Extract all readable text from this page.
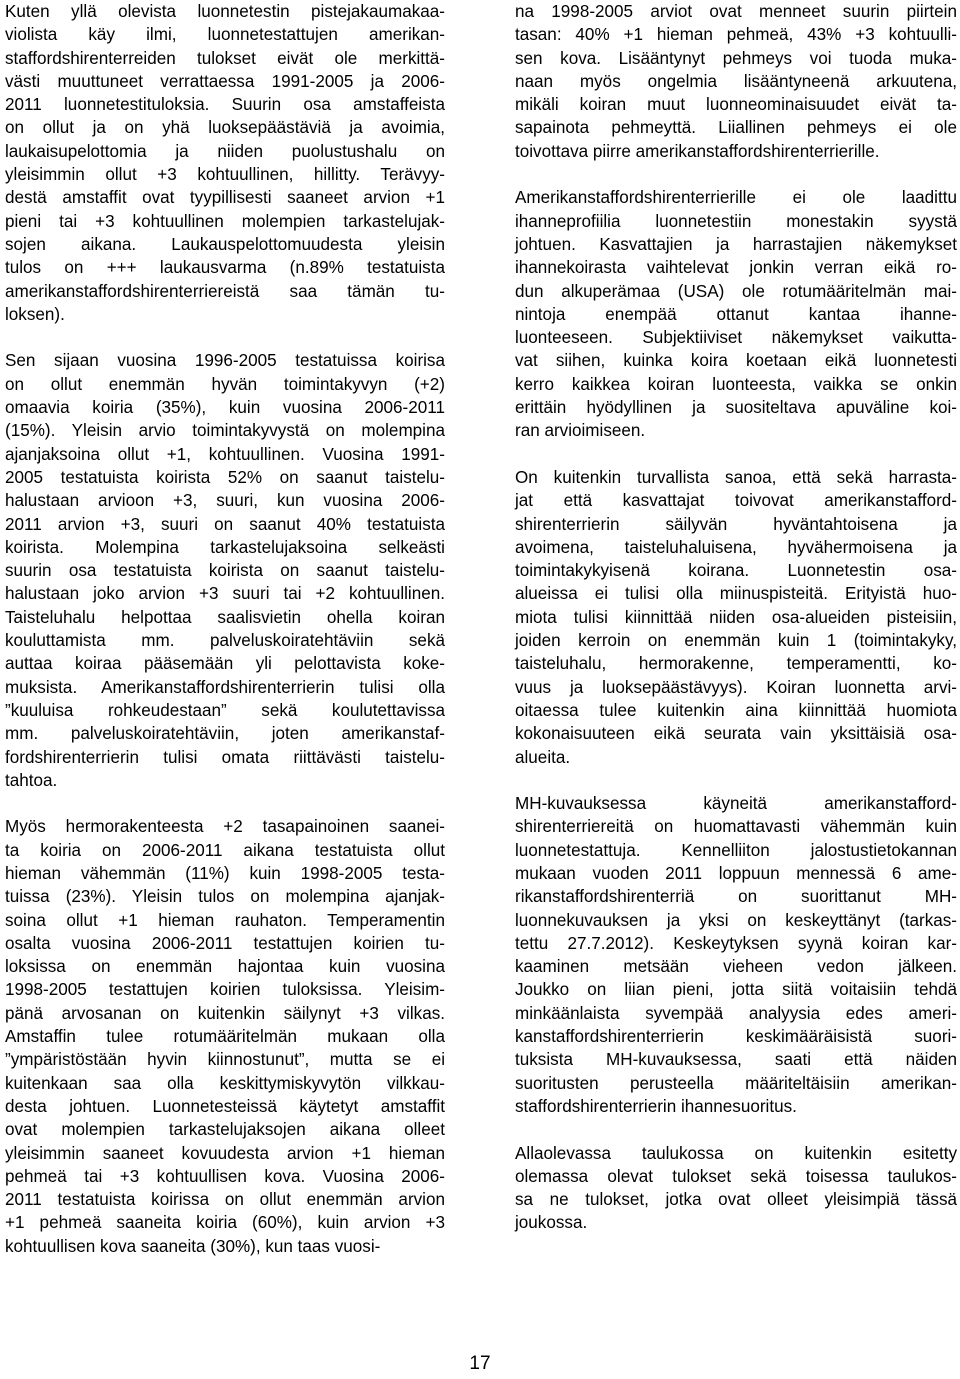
Kuten yllä olevista luonnetestin pistejakaumakaa-
violista käy ilmi, luonnetestattujen amerikan-
staffordshirenterreiden tulokset eivät ole merkittä-
västi muuttuneet verrattaessa 1991-2005 ja 2006-
2011 luonnetestituloksia. Suurin osa amstaffeista
on ollut ja on yhä luoksepäästäviä ja avoimia,
laukaisupelottomia ja niiden puolustushalu on
yleisimmin ollut +3 kohtuullinen, hillitty. Terävyy-
destä amstaffit ovat tyypillisesti saaneet arvion +1
pieni tai +3 kohtuullinen molempien tarkastelujak-
sojen aikana. Laukauspelottomuudesta yleisin
tulos on +++ laukausvarma (n.89% testatuista
amerikanstaffordshirenterriereistä saa tämän tu-
loksen).
Sen sijaan vuosina 1996-2005 testatuissa koirisa
on ollut enemmän hyvän toimintakyvyn (+2)
omaavia koiria (35%), kuin vuosina 2006-2011
(15%). Yleisin arvio toimintakyvystä on molempina
ajanjaksoina ollut +1, kohtuullinen. Vuosina 1991-
2005 testatuista koirista 52% on saanut taistelu-
halustaan arvioon +3, suuri, kun vuosina 2006-
2011 arvion +3, suuri on saanut 40% testatuista
koirista. Molempina tarkastelujaksoina selkeästi
suurin osa testatuista koirista on saanut taistelu-
halustaan joko arvion +3 suuri tai +2 kohtuullinen.
Taisteluhalu helpottaa saalisvietin ohella koiran
kouluttamista mm. palveluskoiratehtäviin sekä
auttaa koiraa pääsemään yli pelottavista koke-
muksista. Amerikanstaffordshirenterrierin tulisi olla
”kuuluisa rohkeudestaan” sekä koulutettavissa
mm. palveluskoiratehtäviin, joten amerikanstaf-
fordshirenterrierin tulisi omata riittävästi taistelu-
tahtoa.
Myös hermorakenteesta +2 tasapainoinen saanei-
ta koiria on 2006-2011 aikana testatuista ollut
hieman vähemmän (11%) kuin 1998-2005 testa-
tuissa (23%). Yleisin tulos on molempina ajanjak-
soina ollut +1 hieman rauhaton. Temperamentin
osalta vuosina 2006-2011 testattujen koirien tu-
loksissa on enemmän hajontaa kuin vuosina
1998-2005 testattujen koirien tuloksissa. Yleisim-
pänä arvosanan on kuitenkin säilynyt +3 vilkas.
Amstaffin tulee rotumääritelmän mukaan olla
”ympäristöstään hyvin kiinnostunut”, mutta se ei
kuitenkaan saa olla keskittymiskyvytön vilkkau-
desta johtuen. Luonnetesteissä käytetyt amstaffit
ovat molempien tarkastelujaksojen aikana olleet
yleisimmin saaneet kovuudesta arvion +1 hieman
pehmeä tai +3 kohtuullisen kova. Vuosina 2006-
2011 testatuista koirissa on ollut enemmän arvion
+1 pehmeä saaneita koiria (60%), kuin arvion +3
kohtuullisen kova saaneita (30%), kun taas vuosi-
na 1998-2005 arviot ovat menneet suurin piirtein
tasan: 40% +1 hieman pehmeä, 43% +3 kohtuulli-
sen kova. Lisääntynyt pehmeys voi tuoda muka-
naan myös ongelmia lisääntyneenä arkuutena,
mikäli koiran muut luonneominaisuudet eivät ta-
sapainota pehmeyttä. Liiallinen pehmeys ei ole
toivottava piirre amerikanstaffordshirenterrierille.
Amerikanstaffordshirenterrierille ei ole laadittu
ihanneprofiilia luonnetestiin monestakin syystä
johtuen. Kasvattajien ja harrastajien näkemykset
ihannekoirasta vaihtelevat jonkin verran eikä ro-
dun alkuperämaa (USA) ole rotumääritelmän mai-
nintoja enempää ottanut kantaa ihanne-
luonteeseen. Subjektiiviset näkemykset vaikutta-
vat siihen, kuinka koira koetaan eikä luonnetesti
kerro kaikkea koiran luonteesta, vaikka se onkin
erittäin hyödyllinen ja suositeltava apuväline koi-
ran arvioimiseen.
On kuitenkin turvallista sanoa, että sekä harrasta-
jat että kasvattajat toivovat amerikanstafford-
shirenterrierin säilyvän hyväntahtoisena ja
avoimena, taisteluhaluisena, hyvähermoisena ja
toimintakykyisenä koirana. Luonnetestin osa-
alueissa ei tulisi olla miinuspisteitä. Erityistä huo-
miota tulisi kiinnittää niiden osa-alueiden pisteisiin,
joiden kerroin on enemmän kuin 1 (toimintakyky,
taisteluhalu, hermorakenne, temperamentti, ko-
vuus ja luoksepäästävyys). Koiran luonnetta arvi-
oitaessa tulee kuitenkin aina kiinnittää huomiota
kokonaisuuteen eikä seurata vain yksittäisiä osa-
alueita.
MH-kuvauksessa käyneitä amerikanstafford-
shirenterriereitä on huomattavasti vähemmän kuin
luonnetestattuja. Kennelliiton jalostustietokannan
mukaan vuoden 2011 loppuun mennessä 6 ame-
rikanstaffordshirenterriä on suorittanut MH-
luonnekuvauksen ja yksi on keskeyttänyt (tarkas-
tettu 27.7.2012). Keskeytyksen syynä koiran kar-
kaaminen metsään vieheen vedon jälkeen.
Joukko on liian pieni, jotta siitä voitaisiin tehdä
minkäänlaista syvempää analyysia edes ameri-
kanstaffordshirenterrierin keskimääräisistä suori-
tuksista MH-kuvauksessa, saati että näiden
suoritusten perusteella määriteltäisiin amerikan-
staffordshirenterrierin ihannesuoritus.
Allaolevassa taulukossa on kuitenkin esitetty
olemassa olevat tulokset sekä toisessa taulukos-
sa ne tulokset, jotka ovat olleet yleisimpiä tässä
joukossa.
17
